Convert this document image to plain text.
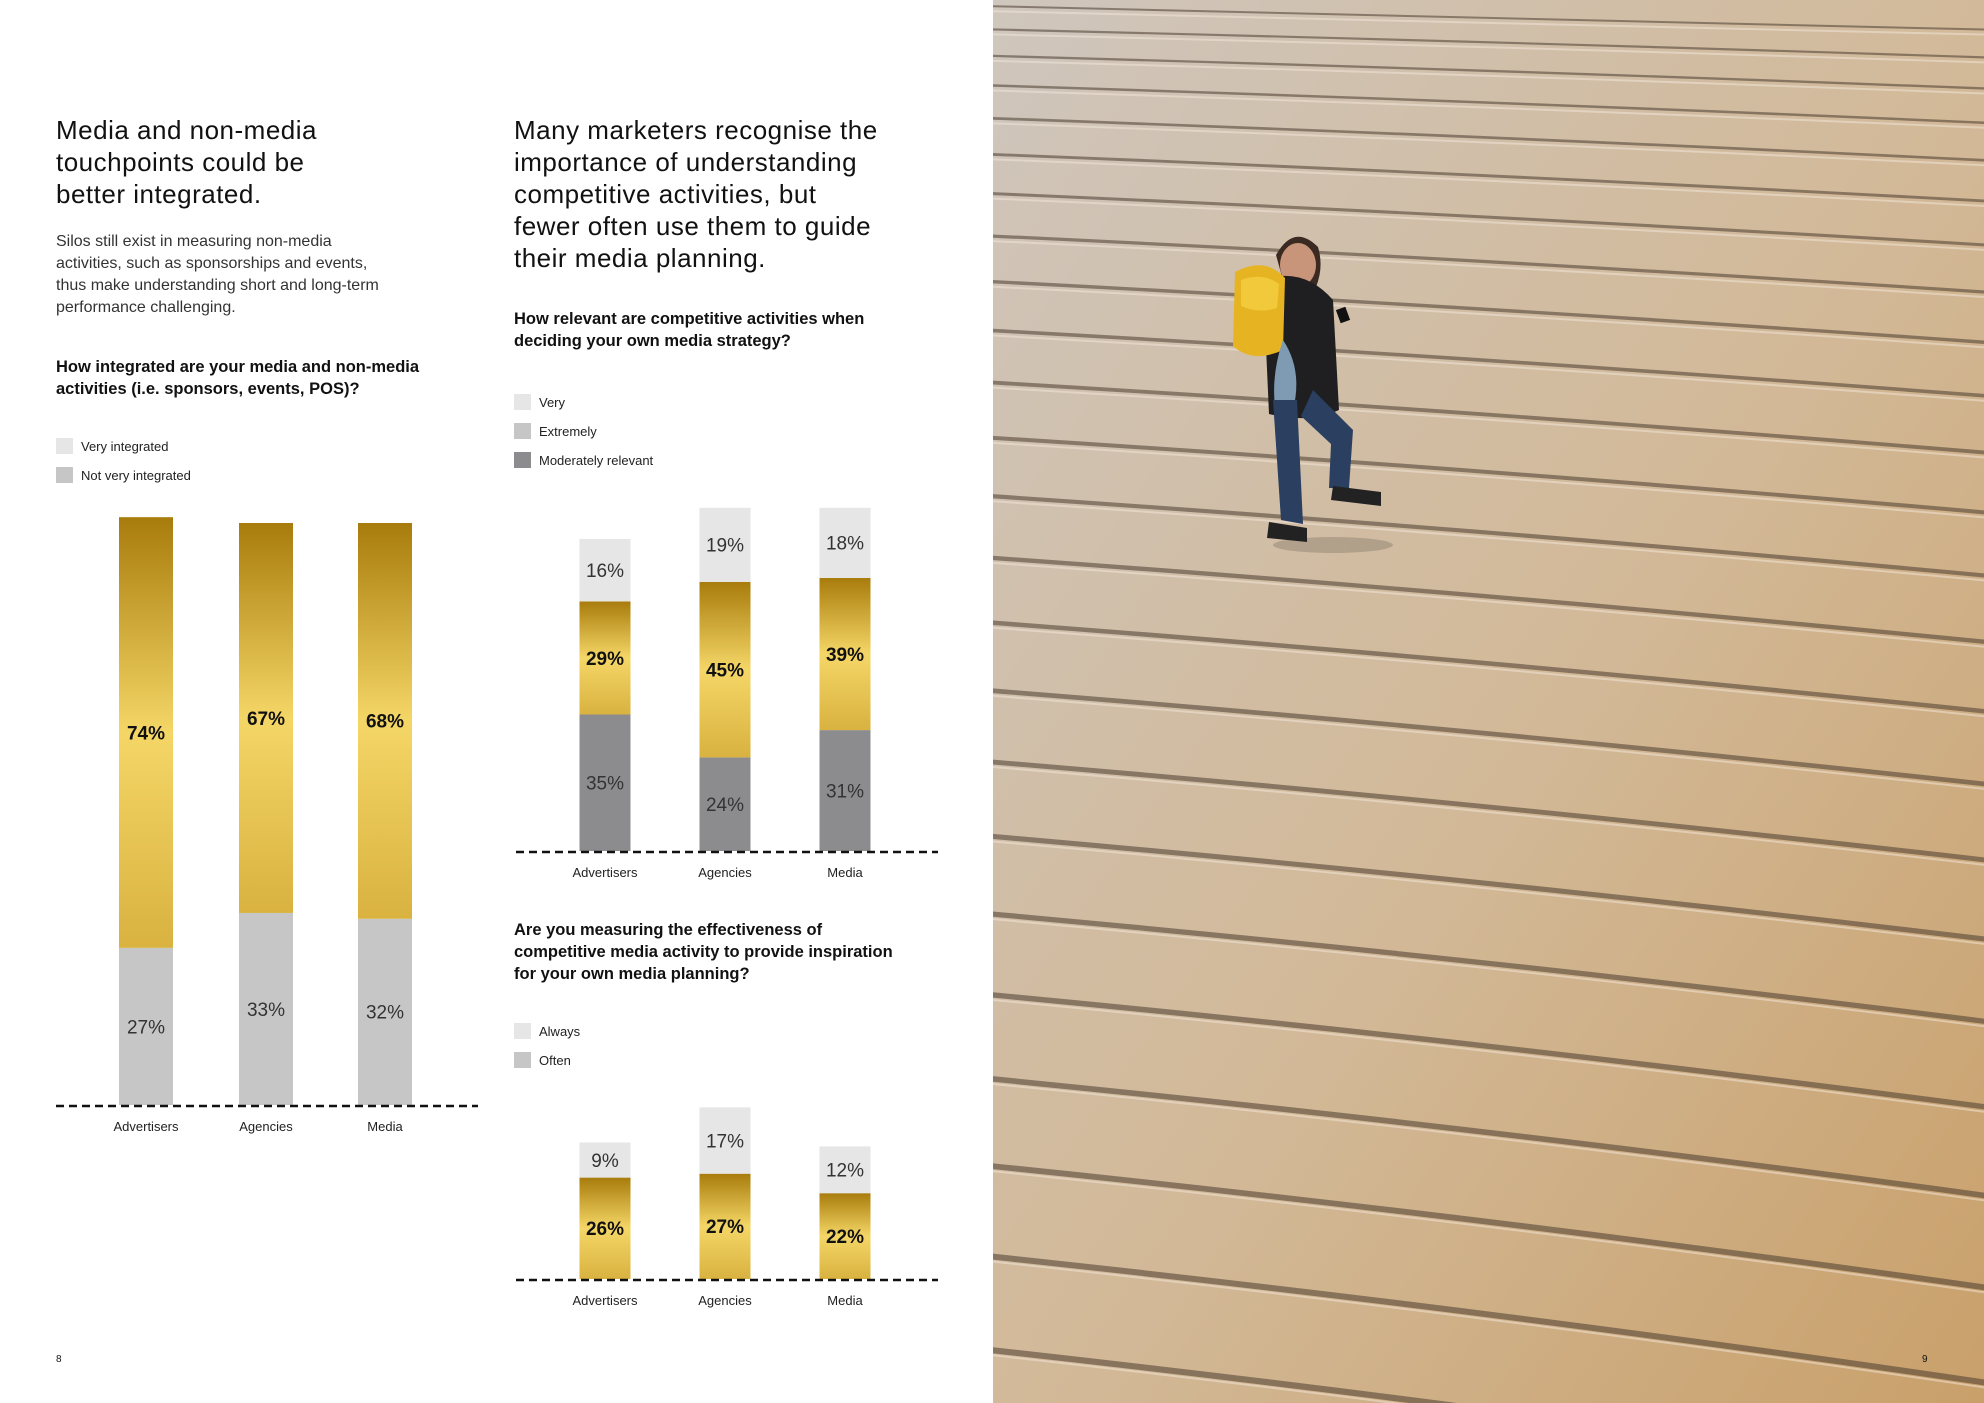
Media and non-media
touchpoints could be
better integrated.
Silos still exist in measuring non-media
activities, such as sponsorships and events,
thus make understanding short and long-term
performance challenging.
How integrated are your media and non-media
activities (i.e. sponsors, events, POS)?
Very integrated
Not very integrated
27%
74%
Advertisers
33%
67%
Agencies
32%
68%
Media
Many marketers recognise the
importance of understanding
competitive activities, but
fewer often use them to guide
their media planning.
How relevant are competitive activities when
deciding your own media strategy?
Very
Extremely
Moderately relevant
35%
29%
16%
Advertisers
24%
45%
19%
Agencies
31%
39%
18%
Media
Are you measuring the effectiveness of
competitive media activity to provide inspiration
for your own media planning?
Always
Often
26%
9%
Advertisers
27%
17%
Agencies
22%
12%
Media
8	9
